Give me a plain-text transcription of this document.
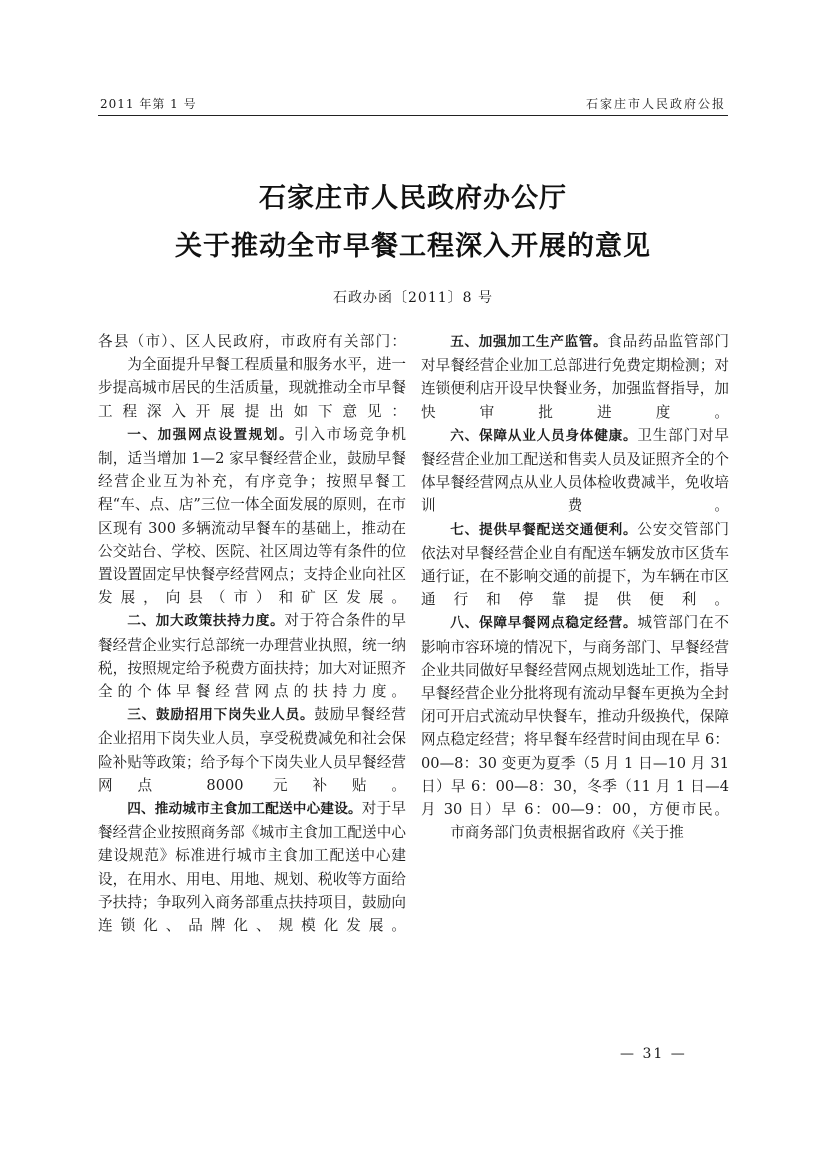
2011 年第 1 号	石家庄市人民政府公报
石家庄市人民政府办公厅
关于推动全市早餐工程深入开展的意见
石政办函〔2011〕8 号

各县（市）、区人民政府，市政府有关部门：

为全面提升早餐工程质量和服务水平，进一步提高城市居民的生活质量，现就推动全市早餐工程深入开展提出如下意见：

一、加强网点设置规划。引入市场竞争机制，适当增加 1—2 家早餐经营企业，鼓励早餐经营企业互为补充，有序竞争；按照早餐工程“车、点、店”三位一体全面发展的原则，在市区现有 300 多辆流动早餐车的基础上，推动在公交站台、学校、医院、社区周边等有条件的位置设置固定早快餐亭经营网点；支持企业向社区发展，向县（市）和矿区发展。

二、加大政策扶持力度。对于符合条件的早餐经营企业实行总部统一办理营业执照，统一纳税，按照规定给予税费方面扶持；加大对证照齐全的个体早餐经营网点的扶持力度。

三、鼓励招用下岗失业人员。鼓励早餐经营企业招用下岗失业人员，享受税费减免和社会保险补贴等政策；给予每个下岗失业人员早餐经营网点 8000 元补贴。

四、推动城市主食加工配送中心建设。对于早餐经营企业按照商务部《城市主食加工配送中心建设规范》标准进行城市主食加工配送中心建设，在用水、用电、用地、规划、税收等方面给予扶持；争取列入商务部重点扶持项目，鼓励向连锁化、品牌化、规模化发展。

五、加强加工生产监管。食品药品监管部门对早餐经营企业加工总部进行免费定期检测；对连锁便利店开设早快餐业务，加强监督指导，加快审批进度。

六、保障从业人员身体健康。卫生部门对早餐经营企业加工配送和售卖人员及证照齐全的个体早餐经营网点从业人员体检收费减半，免收培训费。

七、提供早餐配送交通便利。公安交管部门依法对早餐经营企业自有配送车辆发放市区货车通行证，在不影响交通的前提下，为车辆在市区通行和停靠提供便利。

八、保障早餐网点稳定经营。城管部门在不影响市容环境的情况下，与商务部门、早餐经营企业共同做好早餐经营网点规划选址工作，指导早餐经营企业分批将现有流动早餐车更换为全封闭可开启式流动早快餐车，推动升级换代，保障网点稳定经营；将早餐车经营时间由现在早 6：00—8：30 变更为夏季（5 月 1 日—10 月 31 日）早 6：00—8：30，冬季（11 月 1 日—4 月 30 日）早 6：00—9：00，方便市民。

市商务部门负责根据省政府《关于推

— 31 —
